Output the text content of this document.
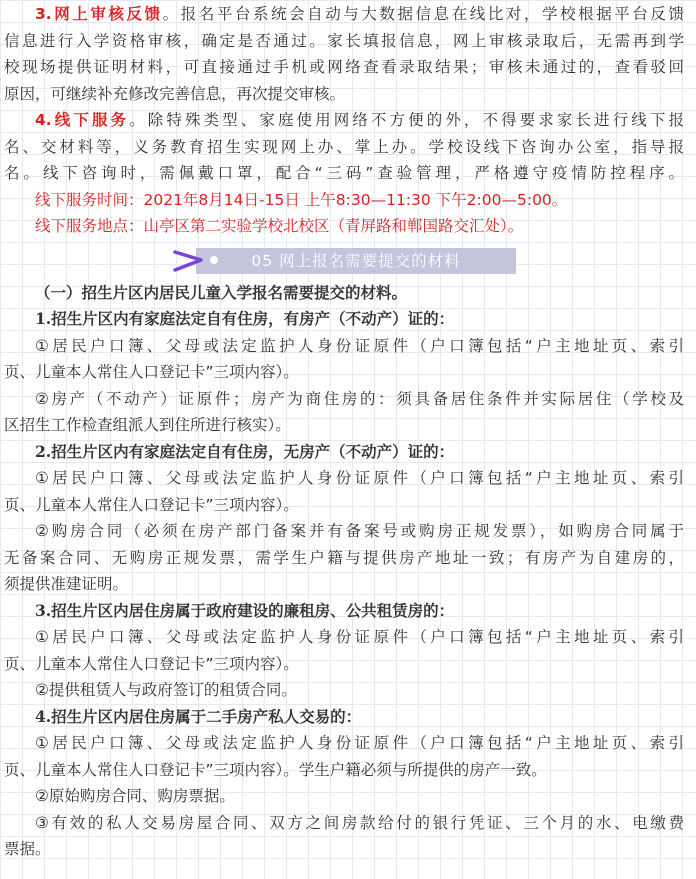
3.网上审核反馈。报名平台系统会自动与大数据信息在线比对，学校根据平台反馈
信息进行入学资格审核，确定是否通过。家长填报信息，网上审核录取后，无需再到学
校现场提供证明材料，可直接通过手机或网络查看录取结果；审核未通过的，查看驳回
原因，可继续补充修改完善信息，再次提交审核。
4.线下服务。除特殊类型、家庭使用网络不方便的外，不得要求家长进行线下报
名、交材料等，义务教育招生实现网上办、掌上办。学校设线下咨询办公室，指导报
名。线下咨询时，需佩戴口罩，配合“三码”查验管理，严格遵守疫情防控程序。
线下服务时间：2021年8月14日-15日 上午8:30—11:30 下午2:00—5:00。
线下服务地点：山亭区第二实验学校北校区（青屏路和郸国路交汇处）。
05 网上报名需要提交的材料
（一）招生片区内居民儿童入学报名需要提交的材料。
1.招生片区内有家庭法定自有住房，有房产（不动产）证的：
①居民户口簿、父母或法定监护人身份证原件（户口簿包括“户主地址页、索引
页、儿童本人常住人口登记卡”三项内容）。
②房产（不动产）证原件；房产为商住房的：须具备居住条件并实际居住（学校及
区招生工作检查组派人到住所进行核实）。
2.招生片区内有家庭法定自有住房，无房产（不动产）证的：
①居民户口簿、父母或法定监护人身份证原件（户口簿包括“户主地址页、索引
页、儿童本人常住人口登记卡”三项内容）。
②购房合同（必须在房产部门备案并有备案号或购房正规发票），如购房合同属于
无备案合同、无购房正规发票，需学生户籍与提供房产地址一致；有房产为自建房的，
须提供准建证明。
3.招生片区内居住房属于政府建设的廉租房、公共租赁房的：
①居民户口簿、父母或法定监护人身份证原件（户口簿包括“户主地址页、索引
页、儿童本人常住人口登记卡”三项内容）。
②提供租赁人与政府签订的租赁合同。
4.招生片区内居住房属于二手房产私人交易的：
①居民户口簿、父母或法定监护人身份证原件（户口簿包括“户主地址页、索引
页、儿童本人常住人口登记卡”三项内容）。学生户籍必须与所提供的房产一致。
②原始购房合同、购房票据。
③有效的私人交易房屋合同、双方之间房款给付的银行凭证、三个月的水、电缴费
票据。
